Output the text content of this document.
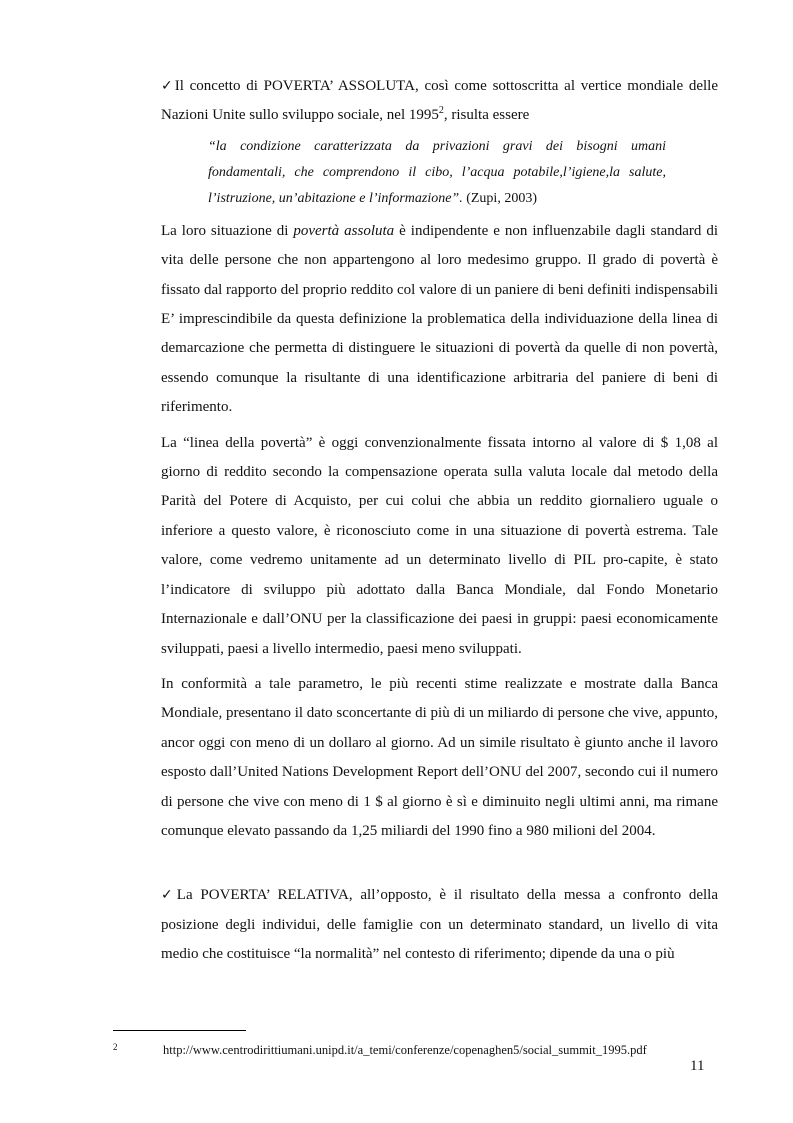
✓Il concetto di POVERTA’ ASSOLUTA, così come sottoscritta al vertice mondiale delle Nazioni Unite sullo sviluppo sociale, nel 1995$^2$, risulta essere

“la condizione caratterizzata da privazioni gravi dei bisogni umani fondamentali, che comprendono il cibo, l’acqua potabile,l’igiene,la salute, l’istruzione, un’abitazione e l’informazione”. (Zupi, 2003)

La loro situazione di povertà assoluta è indipendente e non influenzabile dagli standard di vita delle persone che non appartengono al loro medesimo gruppo. Il grado di povertà è fissato dal rapporto del proprio reddito col valore di un paniere di beni definiti indispensabili E’ imprescindibile da questa definizione la problematica della individuazione della linea di demarcazione che permetta di distinguere le situazioni di povertà da quelle di non povertà, essendo comunque la risultante di una identificazione arbitraria del paniere di beni di riferimento.

La “linea della povertà” è oggi convenzionalmente fissata intorno al valore di $ 1,08 al giorno di reddito secondo la compensazione operata sulla valuta locale dal metodo della Parità del Potere di Acquisto, per cui colui che abbia un reddito giornaliero uguale o inferiore a questo valore, è riconosciuto come in una situazione di povertà estrema. Tale valore, come vedremo unitamente ad un determinato livello di PIL pro-capite, è stato l’indicatore di sviluppo più adottato dalla Banca Mondiale, dal Fondo Monetario Internazionale e dall’ONU per la classificazione dei paesi in gruppi: paesi economicamente sviluppati, paesi a livello intermedio, paesi meno sviluppati.

In conformità a tale parametro, le più recenti stime realizzate e mostrate dalla Banca Mondiale, presentano il dato sconcertante di più di un miliardo di persone che vive, appunto, ancor oggi con meno di un dollaro al giorno. Ad un simile risultato è giunto anche il lavoro esposto dall’United Nations Development Report dell’ONU del 2007, secondo cui il numero di persone che vive con meno di 1 $ al giorno è sì e diminuito negli ultimi anni, ma rimane comunque elevato passando da 1,25 miliardi del 1990 fino a 980 milioni del 2004.

✓La POVERTA’ RELATIVA, all’opposto, è il risultato della messa a confronto della posizione degli individui, delle famiglie con un determinato standard, un livello di vita medio che costituisce “la normalità” nel contesto di riferimento; dipende da una o più

2	http://www.centrodirittiumani.unipd.it/a_temi/conferenze/copenaghen5/social_summit_1995.pdf
11
